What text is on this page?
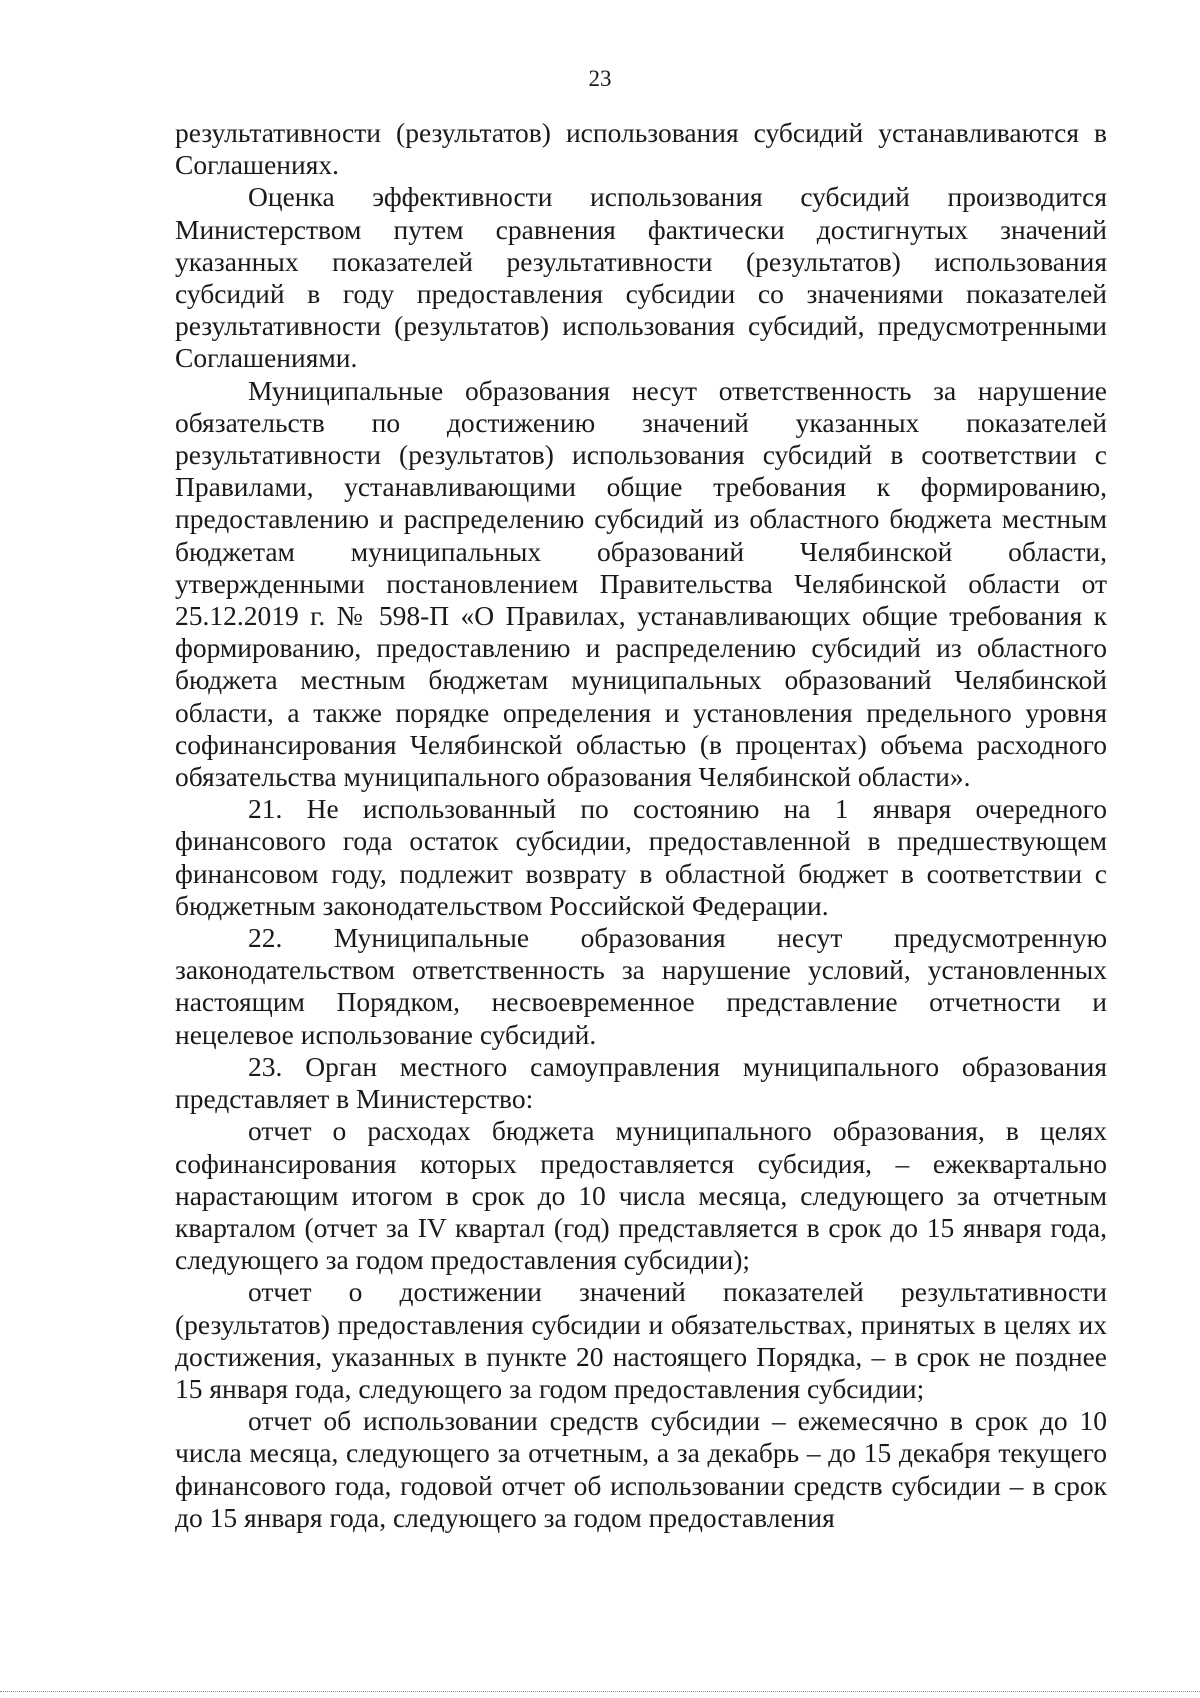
23

результативности (результатов) использования субсидий устанавливаются в Соглашениях.

Оценка эффективности использования субсидий производится Министерством путем сравнения фактически достигнутых значений указанных показателей результативности (результатов) использования субсидий в году предоставления субсидии со значениями показателей результативности (результатов) использования субсидий, предусмотренными Соглашениями.

Муниципальные образования несут ответственность за нарушение обязательств по достижению значений указанных показателей результативности (результатов) использования субсидий в соответствии с Правилами, устанавливающими общие требования к формированию, предоставлению и распределению субсидий из областного бюджета местным бюджетам муниципальных образований Челябинской области, утвержденными постановлением Правительства Челябинской области от 25.12.2019 г. № 598-П «О Правилах, устанавливающих общие требования к формированию, предоставлению и распределению субсидий из областного бюджета местным бюджетам муниципальных образований Челябинской области, а также порядке определения и установления предельного уровня софинансирования Челябинской областью (в процентах) объема расходного обязательства муниципального образования Челябинской области».

21. Не использованный по состоянию на 1 января очередного финансового года остаток субсидии, предоставленной в предшествующем финансовом году, подлежит возврату в областной бюджет в соответствии с бюджетным законодательством Российской Федерации.

22. Муниципальные образования несут предусмотренную законодательством ответственность за нарушение условий, установленных настоящим Порядком, несвоевременное представление отчетности и нецелевое использование субсидий.

23. Орган местного самоуправления муниципального образования представляет в Министерство:

отчет о расходах бюджета муниципального образования, в целях софинансирования которых предоставляется субсидия, – ежеквартально нарастающим итогом в срок до 10 числа месяца, следующего за отчетным кварталом (отчет за IV квартал (год) представляется в срок до 15 января года, следующего за годом предоставления субсидии);

отчет о достижении значений показателей результативности (результатов) предоставления субсидии и обязательствах, принятых в целях их достижения, указанных в пункте 20 настоящего Порядка, – в срок не позднее 15 января года, следующего за годом предоставления субсидии;

отчет об использовании средств субсидии – ежемесячно в срок до 10 числа месяца, следующего за отчетным, а за декабрь – до 15 декабря текущего финансового года, годовой отчет об использовании средств субсидии – в срок до 15 января года, следующего за годом предоставления
